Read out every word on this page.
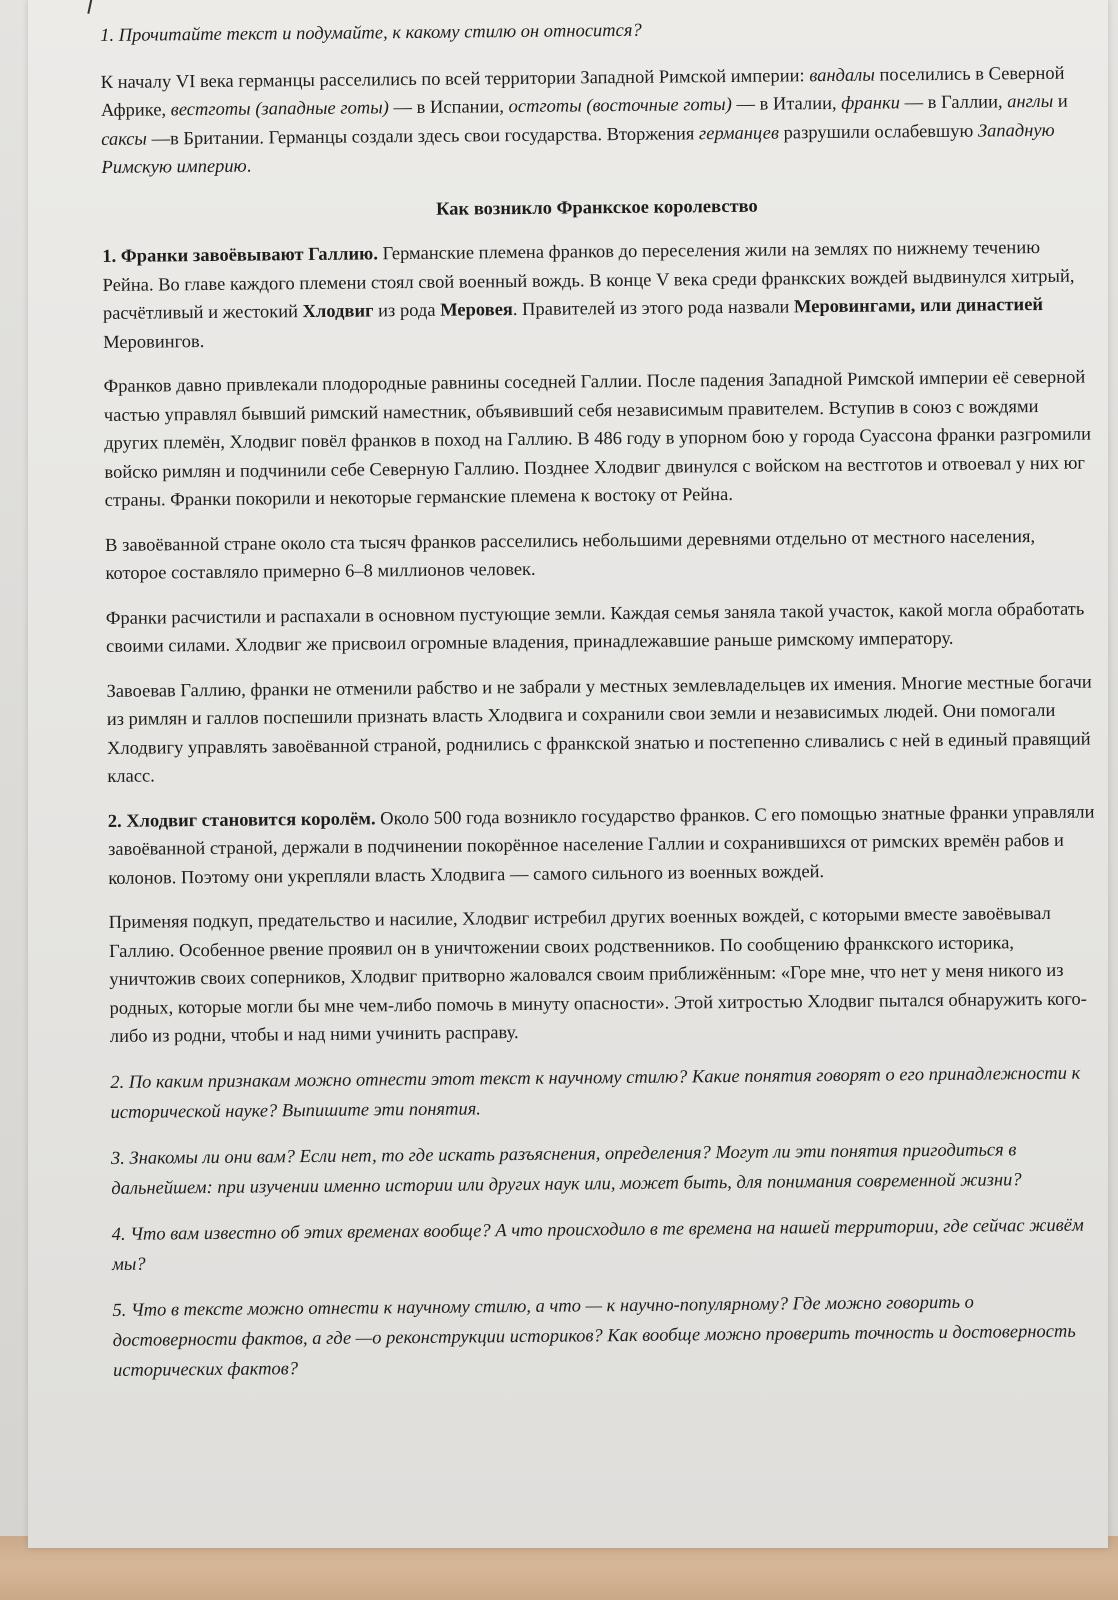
1. Прочитайте текст и подумайте, к какому стилю он относится?

К началу VI века германцы расселились по всей территории Западной Римской империи: вандалы поселились в Северной Африке, вестготы (западные готы) — в Испании, остготы (восточные готы) — в Италии, франки — в Галлии, англы и саксы —в Британии. Германцы создали здесь свои государства. Вторжения германцев разрушили ослабевшую Западную Римскую империю.

Как возникло Франкское королевство

1. Франки завоёвывают Галлию. Германские племена франков до переселения жили на землях по нижнему течению Рейна. Во главе каждого племени стоял свой военный вождь. В конце V века среди франкских вождей выдвинулся хитрый, расчётливый и жестокий Хлодвиг из рода Меровея. Правителей из этого рода назвали Меровингами, или династией Меровингов.

Франков давно привлекали плодородные равнины соседней Галлии. После падения Западной Римской империи её северной частью управлял бывший римский наместник, объявивший себя независимым правителем. Вступив в союз с вождями других племён, Хлодвиг повёл франков в поход на Галлию. В 486 году в упорном бою у города Суассона франки разгромили войско римлян и подчинили себе Северную Галлию. Позднее Хлодвиг двинулся с войском на вестготов и отвоевал у них юг страны. Франки покорили и некоторые германские племена к востоку от Рейна.

В завоёванной стране около ста тысяч франков расселились небольшими деревнями отдельно от местного населения, которое составляло примерно 6–8 миллионов человек.

Франки расчистили и распахали в основном пустующие земли. Каждая семья заняла такой участок, какой могла обработать своими силами. Хлодвиг же присвоил огромные владения, принадлежавшие раньше римскому императору.

Завоевав Галлию, франки не отменили рабство и не забрали у местных землевладельцев их имения. Многие местные богачи из римлян и галлов поспешили признать власть Хлодвига и сохранили свои земли и независимых людей. Они помогали Хлодвигу управлять завоёванной страной, роднились с франкской знатью и постепенно сливались с ней в единый правящий класс.

2. Хлодвиг становится королём. Около 500 года возникло государство франков. С его помощью знатные франки управляли завоёванной страной, держали в подчинении покорённое население Галлии и сохранившихся от римских времён рабов и колонов. Поэтому они укрепляли власть Хлодвига — самого сильного из военных вождей.

Применяя подкуп, предательство и насилие, Хлодвиг истребил других военных вождей, с которыми вместе завоёвывал Галлию. Особенное рвение проявил он в уничтожении своих родственников. По сообщению франкского историка, уничтожив своих соперников, Хлодвиг притворно жаловался своим приближённым: «Горе мне, что нет у меня никого из родных, которые могли бы мне чем-либо помочь в минуту опасности». Этой хитростью Хлодвиг пытался обнаружить кого-либо из родни, чтобы и над ними учинить расправу.

2. По каким признакам можно отнести этот текст к научному стилю? Какие понятия говорят о его принадлежности к исторической науке? Выпишите эти понятия.

3. Знакомы ли они вам? Если нет, то где искать разъяснения, определения? Могут ли эти понятия пригодиться в дальнейшем: при изучении именно истории или других наук или, может быть, для понимания современной жизни?

4. Что вам известно об этих временах вообще? А что происходило в те времена на нашей территории, где сейчас живём мы?

5. Что в тексте можно отнести к научному стилю, а что — к научно-популярному? Где можно говорить о достоверности фактов, а где —о реконструкции историков? Как вообще можно проверить точность и достоверность исторических фактов?
